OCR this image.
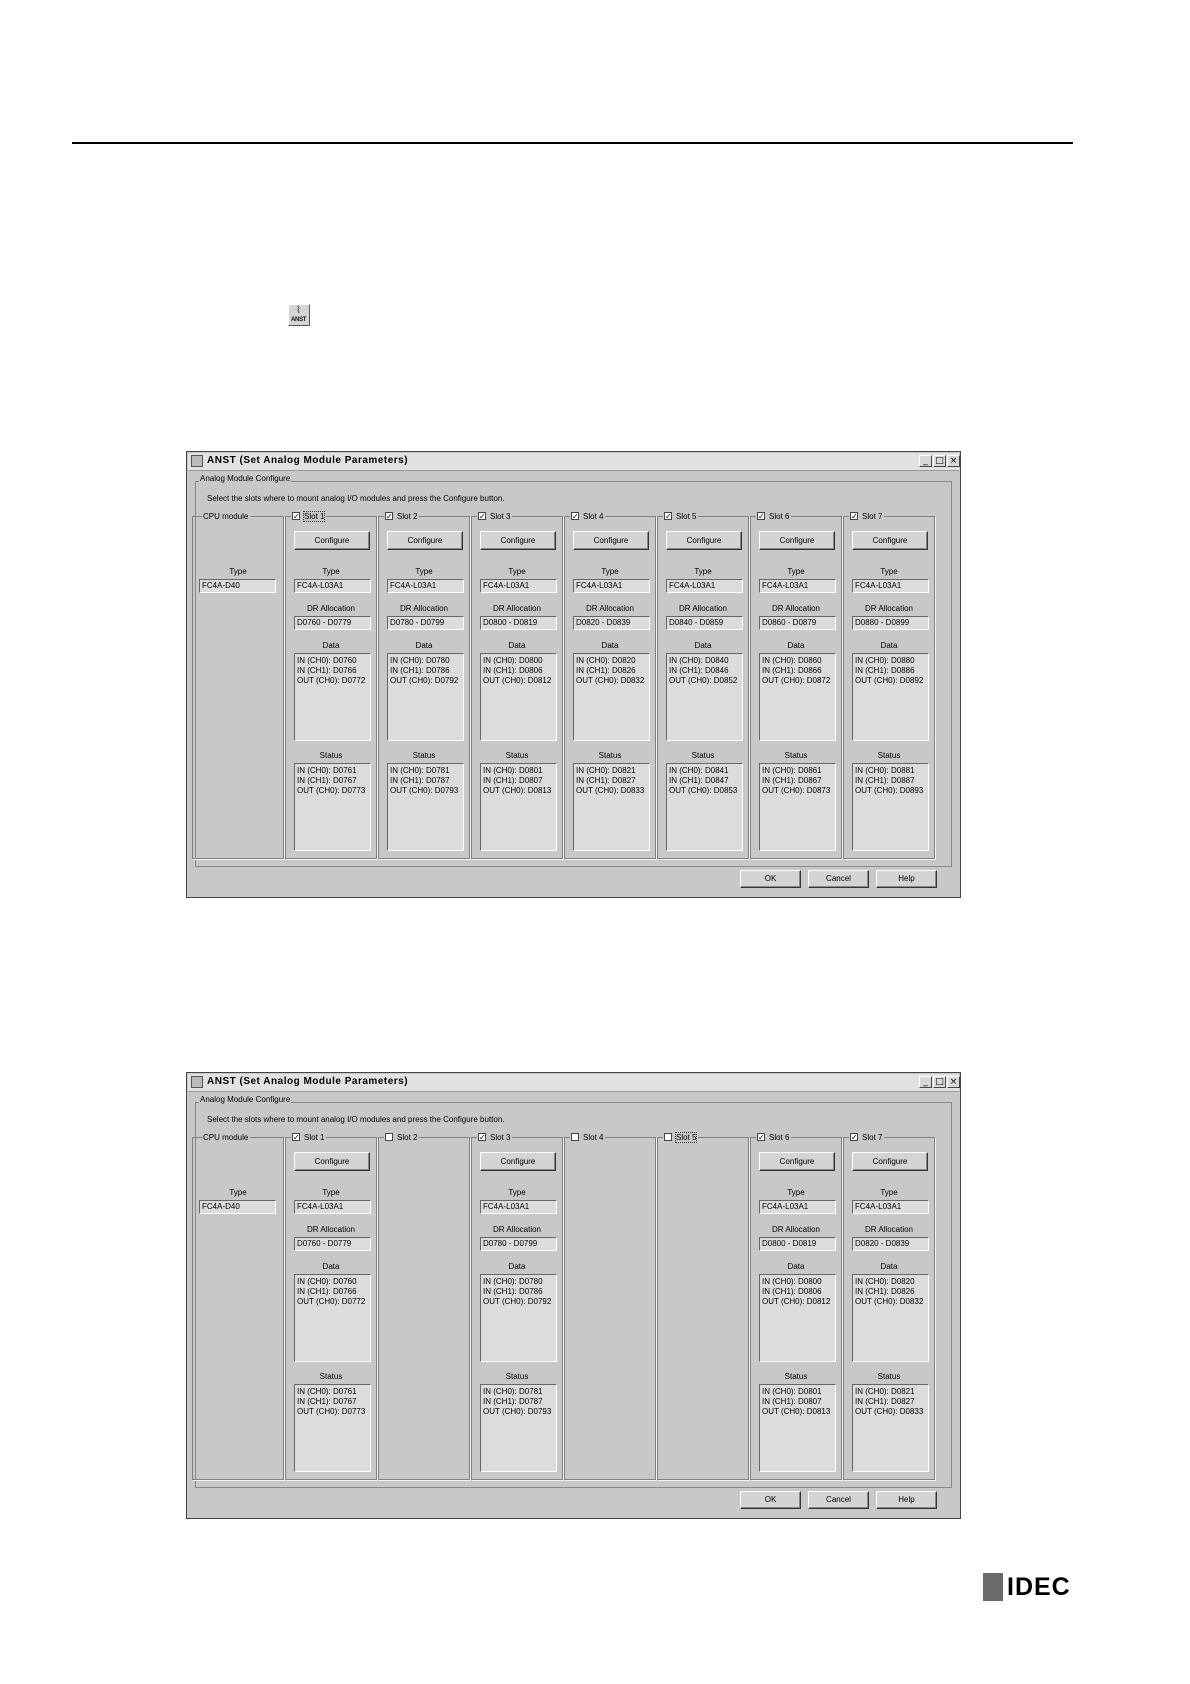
⌇
ANST
ANST (Set Analog Module Parameters)	_ □ ×
Analog Module Configure
Select the slots where to mount analog I/O modules and press the Configure button.
Type
FC4A-D40
CPU module
Configure
Type
FC4A-L03A1
DR Allocation
D0760 - D0779
Data
Status
IN (CH0): D0760
IN (CH1): D0766
OUT (CH0): D0772
IN (CH0): D0761
IN (CH1): D0767
OUT (CH0): D0773
✓ Slot 1
Configure
Type
FC4A-L03A1
DR Allocation
D0780 - D0799
Data
Status
IN (CH0): D0780
IN (CH1): D0786
OUT (CH0): D0792
IN (CH0): D0781
IN (CH1): D0787
OUT (CH0): D0793
✓ Slot 2
Configure
Type
FC4A-L03A1
DR Allocation
D0800 - D0819
Data
Status
IN (CH0): D0800
IN (CH1): D0806
OUT (CH0): D0812
IN (CH0): D0801
IN (CH1): D0807
OUT (CH0): D0813
✓ Slot 3
Configure
Type
FC4A-L03A1
DR Allocation
D0820 - D0839
Data
Status
IN (CH0): D0820
IN (CH1): D0826
OUT (CH0): D0832
IN (CH0): D0821
IN (CH1): D0827
OUT (CH0): D0833
✓ Slot 4
Configure
Type
FC4A-L03A1
DR Allocation
D0840 - D0859
Data
Status
IN (CH0): D0840
IN (CH1): D0846
OUT (CH0): D0852
IN (CH0): D0841
IN (CH1): D0847
OUT (CH0): D0853
✓ Slot 5
Configure
Type
FC4A-L03A1
DR Allocation
D0860 - D0879
Data
Status
IN (CH0): D0860
IN (CH1): D0866
OUT (CH0): D0872
IN (CH0): D0861
IN (CH1): D0867
OUT (CH0): D0873
✓ Slot 6
Configure
Type
FC4A-L03A1
DR Allocation
D0880 - D0899
Data
Status
IN (CH0): D0880
IN (CH1): D0886
OUT (CH0): D0892
IN (CH0): D0881
IN (CH1): D0887
OUT (CH0): D0893
✓ Slot 7
OK	Cancel	Help
ANST (Set Analog Module Parameters)	_ □ ×
Analog Module Configure
Select the slots where to mount analog I/O modules and press the Configure button.
Type
FC4A-D40
CPU module
Configure
Type
FC4A-L03A1
DR Allocation
D0760 - D0779
Data
Status
IN (CH0): D0760
IN (CH1): D0766
OUT (CH0): D0772
IN (CH0): D0761
IN (CH1): D0767
OUT (CH0): D0773
✓ Slot 1	Slot 2
Configure
Type
FC4A-L03A1
DR Allocation
D0780 - D0799
Data
Status
IN (CH0): D0780
IN (CH1): D0786
OUT (CH0): D0792
IN (CH0): D0781
IN (CH1): D0787
OUT (CH0): D0793
✓ Slot 3	Slot 4	Slot 5
Configure
Type
FC4A-L03A1
DR Allocation
D0800 - D0819
Data
Status
IN (CH0): D0800
IN (CH1): D0806
OUT (CH0): D0812
IN (CH0): D0801
IN (CH1): D0807
OUT (CH0): D0813
✓ Slot 6
Configure
Type
FC4A-L03A1
DR Allocation
D0820 - D0839
Data
Status
IN (CH0): D0820
IN (CH1): D0826
OUT (CH0): D0832
IN (CH0): D0821
IN (CH1): D0827
OUT (CH0): D0833
✓ Slot 7
OK	Cancel	Help
IDEC
